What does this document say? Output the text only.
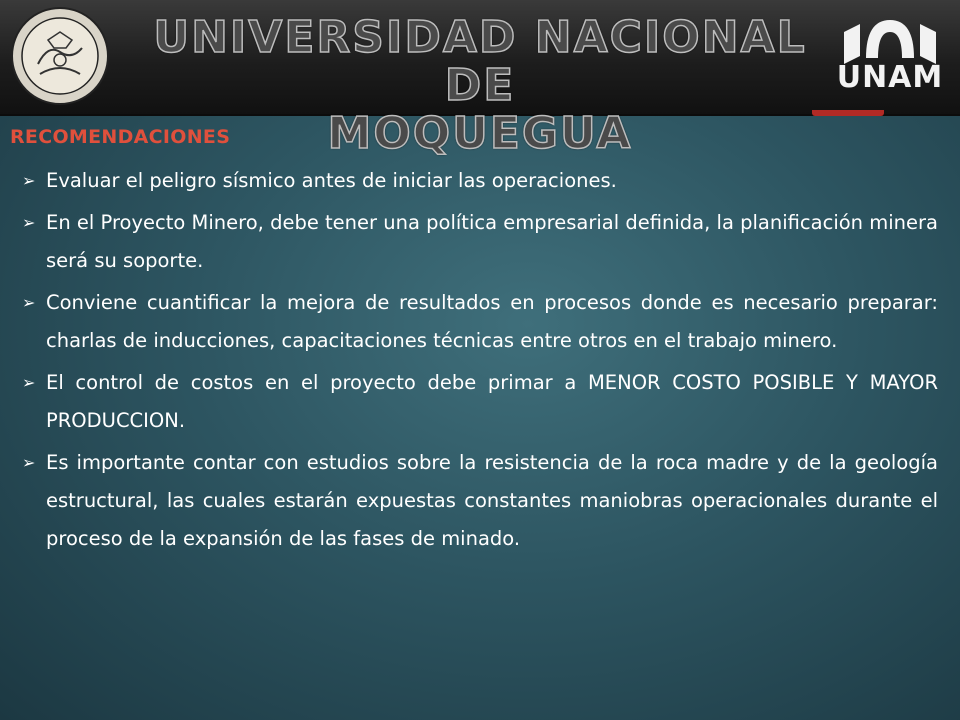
UNIVERSIDAD NACIONAL DE
MOQUEGUA
UNAM
RECOMENDACIONES
➢ Evaluar el peligro sísmico antes de iniciar las operaciones.
➢ En el Proyecto Minero, debe tener una política empresarial definida, la planificación minera será su soporte.
➢ Conviene cuantificar la mejora de resultados en procesos donde es necesario preparar: charlas de inducciones, capacitaciones técnicas entre otros en el trabajo minero.
➢ El control de costos en el proyecto debe primar a MENOR COSTO POSIBLE Y MAYOR PRODUCCION.
➢ Es importante contar con estudios sobre la resistencia de la roca madre y de la geología estructural, las cuales estarán expuestas constantes maniobras operacionales durante el proceso de la expansión de las fases de minado.
